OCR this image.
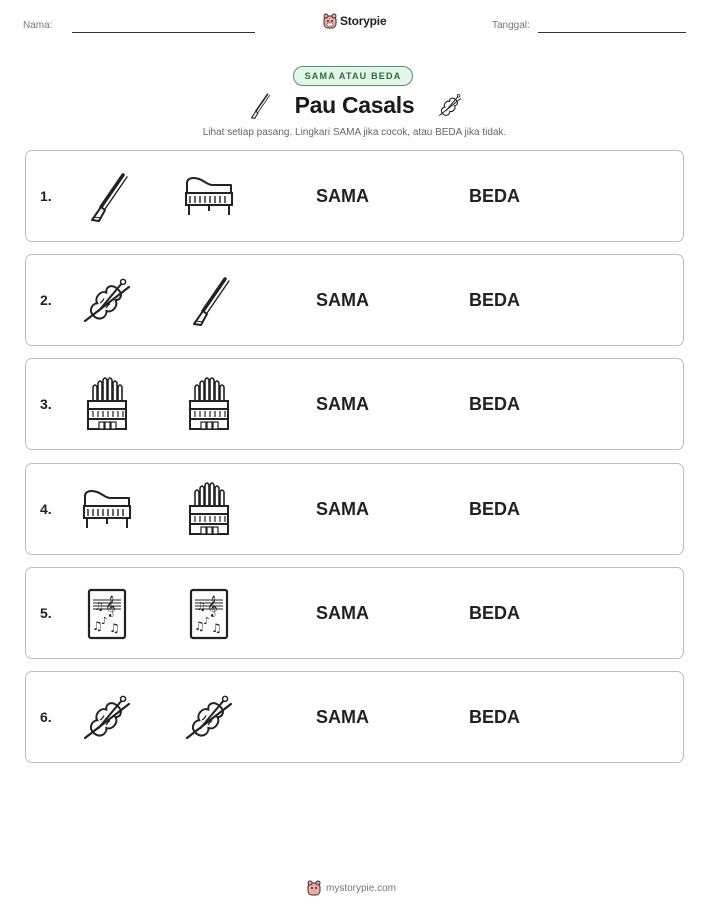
Nama:	Storypie	Tanggal:
SAMA ATAU BEDA
Pau Casals
Lihat setiap pasang. Lingkari SAMA jika cocok, atau BEDA jika tidak.
1.	SAMA	BEDA
2.	SAMA	BEDA
3.	SAMA	BEDA
4.	SAMA	BEDA
5.	SAMA	BEDA
6.	SAMA	BEDA
mystorypie.com
